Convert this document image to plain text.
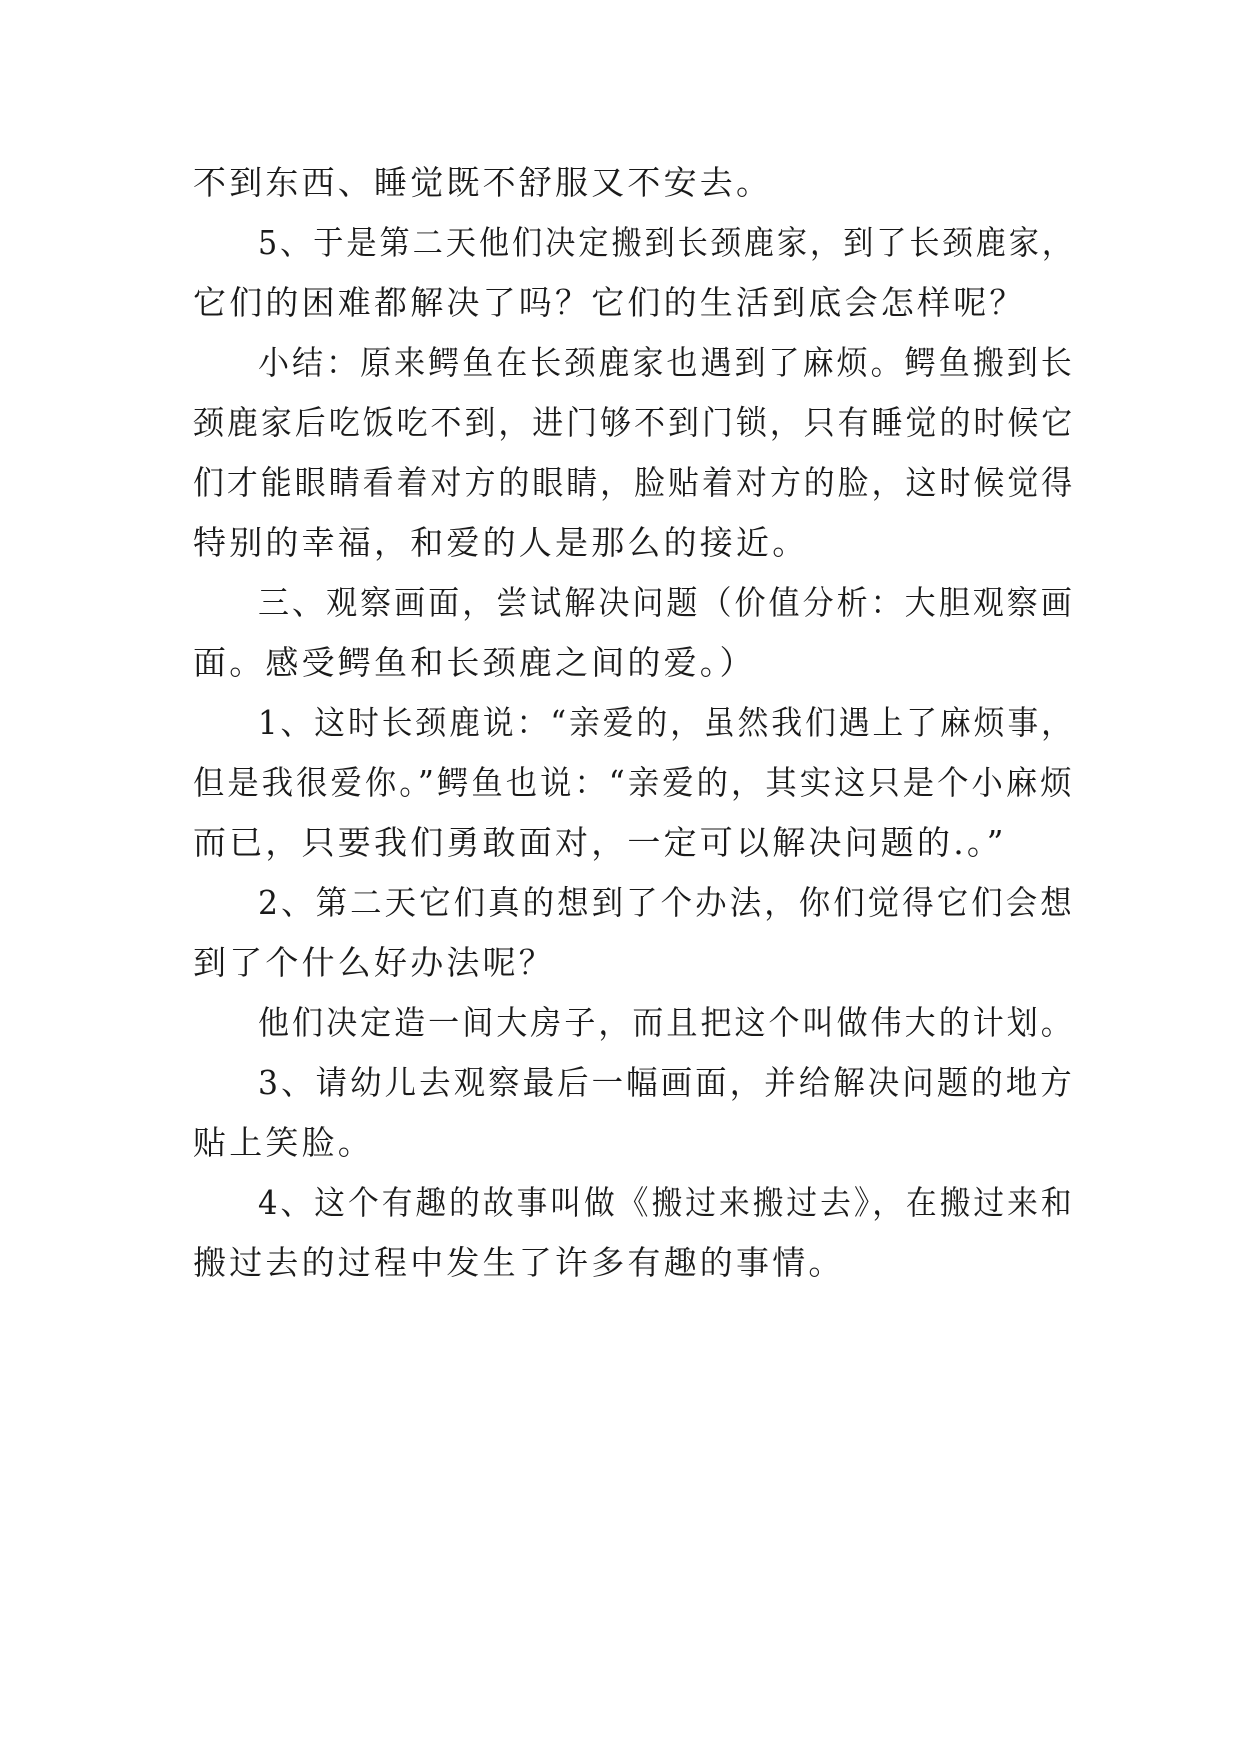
不到东西、睡觉既不舒服又不安去。
5、于是第二天他们决定搬到长颈鹿家，到了长颈鹿家，
它们的困难都解决了吗？它们的生活到底会怎样呢？
小结：原来鳄鱼在长颈鹿家也遇到了麻烦。鳄鱼搬到长
颈鹿家后吃饭吃不到，进门够不到门锁，只有睡觉的时候它
们才能眼睛看着对方的眼睛，脸贴着对方的脸，这时候觉得
特别的幸福，和爱的人是那么的接近。
三、观察画面，尝试解决问题（价值分析：大胆观察画
面。感受鳄鱼和长颈鹿之间的爱。）
1、这时长颈鹿说：“亲爱的，虽然我们遇上了麻烦事，
但是我很爱你。”鳄鱼也说：“亲爱的，其实这只是个小麻烦
而已，只要我们勇敢面对，一定可以解决问题的.。”
2、第二天它们真的想到了个办法，你们觉得它们会想
到了个什么好办法呢？
他们决定造一间大房子，而且把这个叫做伟大的计划。
3、请幼儿去观察最后一幅画面，并给解决问题的地方
贴上笑脸。
4、这个有趣的故事叫做《搬过来搬过去》，在搬过来和
搬过去的过程中发生了许多有趣的事情。
